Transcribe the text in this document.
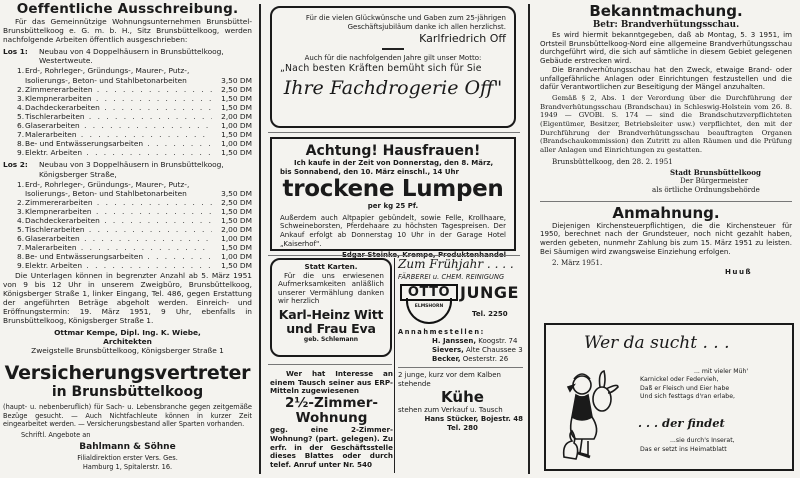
Oeffentliche Ausschreibung.
Für das Gemeinnützige Wohnungsunternehmen Brunsbüttel-Brunsbüttelkoog e. G. m. b. H., Sitz Brunsbüttelkoog, werden nachfolgende Arbeiten öffentlich ausgeschrieben:
Los 1:	Neubau von 4 Doppelhäusern in Brunsbüttelkoog, Westertweute.
1. Erd-, Rohrleger-, Gründungs-, Maurer-, Putz-, Isolierungs-, Beton- und Stahlbetonarbeiten	3,50 DM
2. Zimmererarbeiten . .	2,50 DM
3. Klempnerarbeiten . .	1,50 DM
4. Dachdeckerarbeiten . .	1,50 DM
5. Tischlerarbeiten . .	2,00 DM
6. Glaserarbeiten . .	1,00 DM
7. Malerarbeiten . .	1,50 DM
8. Be- und Entwässerungsarbeiten . .	1,00 DM
9. Elektr. Arbeiten . .	1,50 DM
Los 2:	Neubau von 3 Doppelhäusern in Brunsbüttelkoog, Königsberger Straße,
1. Erd-, Rohrleger-, Gründungs-, Maurer-, Putz-, Isolierungs-, Beton- und Stahlbetonarbeiten	3,50 DM
2. Zimmererarbeiten . .	2,50 DM
3. Klempnerarbeiten . .	1,50 DM
4. Dachdeckerarbeiten . .	1,50 DM
5. Tischlerarbeiten . .	2,00 DM
6. Glaserarbeiten . .	1,00 DM
7. Malerarbeiten . .	1,50 DM
8. Be- und Entwässerungsarbeiten . .	1,00 DM
9. Elektr. Arbeiten . .	1,50 DM
Die Unterlagen können in begrenzter Anzahl ab 5. März 1951 von 9 bis 12 Uhr in unserem Zweigbüro, Brunsbüttelkoog, Königsberger Straße 1, linker Eingang, Tel. 486, gegen Erstattung der angeführten Beträge abgeholt werden. Einreich- und Eröffnungstermin: 19. März 1951, 9 Uhr, ebenfalls in Brunsbüttelkoog, Königsberger Straße 1.
Ottmar Kempe, Dipl. Ing. K. Wiebe,
Architekten
Zweigstelle Brunsbüttelkoog, Königsberger Straße 1
Versicherungsvertreter
in Brunsbüttelkoog
(haupt- u. nebenberuflich) für Sach- u. Lebensbranche gegen zeitgemäße Bezüge gesucht. — Auch Nichtfachleute können in kurzer Zeit eingearbeitet werden. — Versicherungsbestand aller Sparten vorhanden.
Schriftl. Angebote an
Bahlmann & Söhne
Filialdirektion erster Vers. Ges.
Hamburg 1, Spitalerstr. 16.
Für die vielen Glückwünsche und Gaben zum 25-jährigen Geschäftsjubiläum danke ich allen herzlichst.
Karlfriedrich Off
Auch für die nachfolgenden Jahre gilt unser Motto:
„Nach besten Kräften bemüht sich für Sie
Ihre Fachdrogerie Off"
Achtung! Hausfrauen!
Ich kaufe in der Zeit von Donnerstag, den 8. März, bis Sonnabend, den 10. März einschl., 14 Uhr
trockene Lumpen
per kg 25 Pf.
Außerdem auch Altpapier gebündelt, sowie Felle, Krollhaare, Schweineborsten, Pferdehaare zu höchsten Tagespreisen. Der Ankauf erfolgt ab Donnerstag 10 Uhr in der Garage Hotel „Kaiserhof".
Statt Karten.
Für die uns erwiesenen Aufmerksamkeiten anläßlich unserer Vermählung danken wir herzlich
Karl-Heinz Witt
und Frau Eva
geb. Schlemann
Wer hat Interesse an einem Tausch seiner aus ERP-Mitteln zugewiesenen
2½-Zimmer-
Wohnung
geg. eine 2-Zimmer-Wohnung? (part. gelegen). Zu erfr. in der Geschäftsstelle dieses Blattes oder durch telef. Anruf unter Nr. 540
Zum Frühjahr . . . .
FÄRBEREI u. CHEM. REINIGUNG
OTTO JUNGE
ELMSHORN
Tel. 2250
Annahmestellen:
H. Janssen, Koogstr. 74
Sievers, Alte Chaussee 3
Becker, Oesterstr. 26
2 junge, kurz vor dem Kalben stehende
Kühe
stehen zum Verkauf u. Tausch
Hans Stücker, Bojestr. 48
Tel. 280
Bekanntmachung.
Betr: Brandverhütungsschau.
Es wird hiermit bekanntgegeben, daß ab Montag, 5. 3 1951, im Ortsteil Brunsbüttelkoog-Nord eine allgemeine Brandverhütungsschau durchgeführt wird, die sich auf sämtliche in diesem Gebiet gelegenen Gebäude erstrecken wird.
Die Brandverhütungsschau hat den Zweck, etwaige Brand- oder unfallgefährliche Anlagen oder Einrichtungen festzustellen und die dafür Verantwortlichen zur Beseitigung der Mängel anzuhalten.
Gemäß § 2, Abs. 1 der Verordung über die Durchführung der Brandverhütungsschau (Brandschau) in Schleswig-Holstein vom 26. 8. 1949 — GVOBl. S. 174 — sind die Brandschutzverpflichteten (Eigentümer, Besitzer, Betriebsleiter usw.) verpflichtet, den mit der Durchführung der Brandverhütungsschau beauftragten Organen (Brandschaukommission) den Zutritt zu allen Räumen und die Prüfung aller Anlagen und Einrichtungen zu gestatten.
Brunsbüttelkoog, den 28. 2. 1951
Stadt Brunsbüttelkoog
Der Bürgermeister
als örtliche Ordnungsbehörde
Anmahnung.
Diejenigen Kirchensteuerpflichtigen, die die Kirchensteuer für 1950, berechnet nach der Grundsteuer, noch nicht gezahlt haben, werden gebeten, nunmehr Zahlung bis zum 15. März 1951 zu leisten. Bei Säumigen wird zwangsweise Einziehung erfolgen.
2. März 1951.
Huuß
Wer da sucht . . .
... mit vieler Müh'
Karnickel oder Federvieh,
Daß er Fleisch und Eier habe
Und sich festtags d'ran erlabe,
. . . der findet
...sie durch's Inserat,
Das er setzt ins Heimatblatt
